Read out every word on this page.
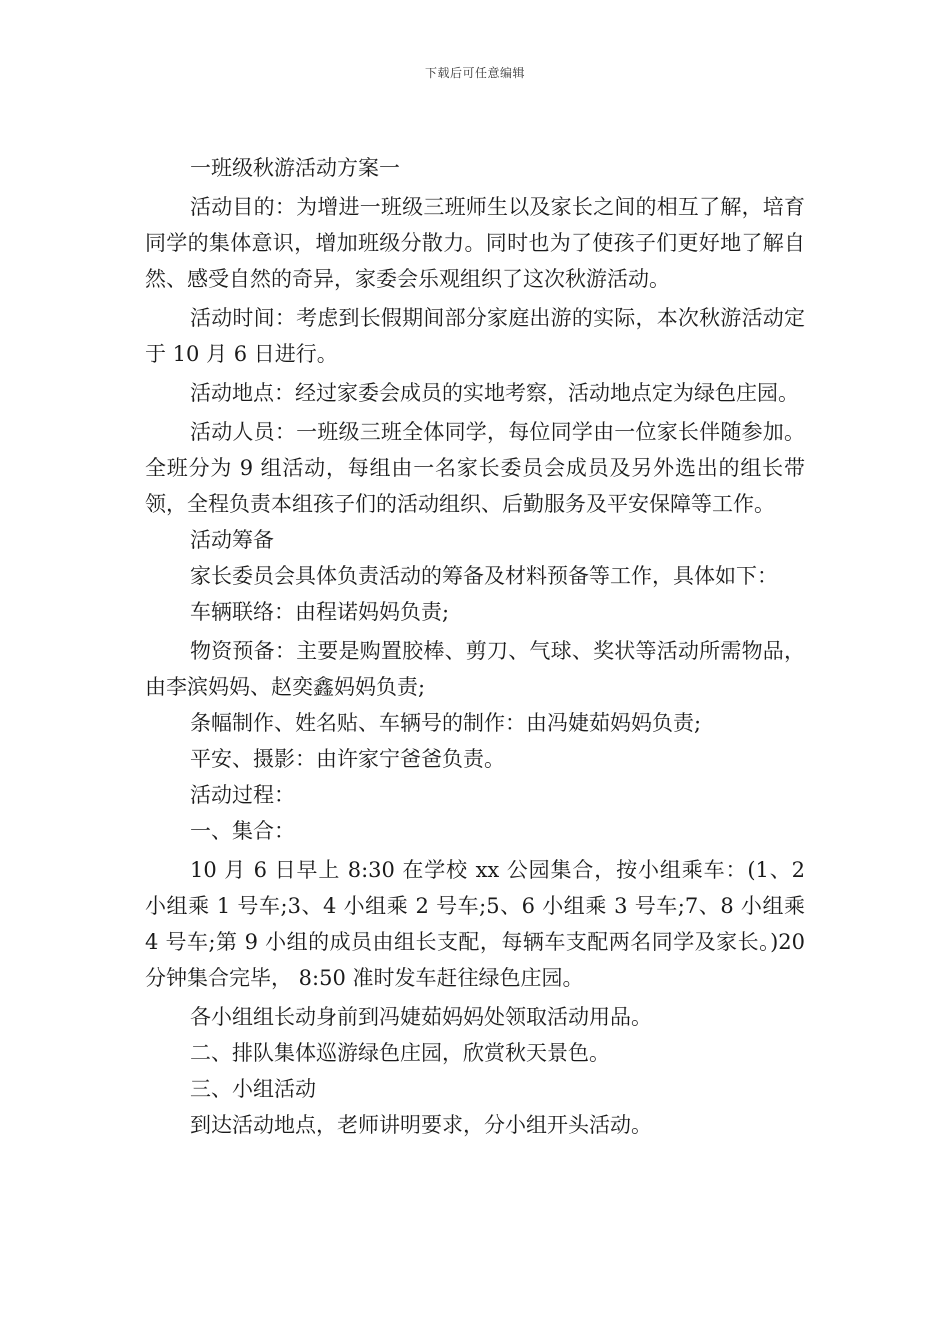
下载后可任意编辑

一班级秋游活动方案一

活动目的：为增进一班级三班师生以及家长之间的相互了解，培育同学的集体意识，增加班级分散力。同时也为了使孩子们更好地了解自然、感受自然的奇异，家委会乐观组织了这次秋游活动。

活动时间：考虑到长假期间部分家庭出游的实际，本次秋游活动定于 10 月 6 日进行。

活动地点：经过家委会成员的实地考察，活动地点定为绿色庄园。

活动人员：一班级三班全体同学，每位同学由一位家长伴随参加。全班分为 9 组活动，每组由一名家长委员会成员及另外选出的组长带领，全程负责本组孩子们的活动组织、后勤服务及平安保障等工作。

活动筹备

家长委员会具体负责活动的筹备及材料预备等工作，具体如下：

车辆联络：由程诺妈妈负责;

物资预备：主要是购置胶棒、剪刀、气球、奖状等活动所需物品，由李滨妈妈、赵奕鑫妈妈负责;

条幅制作、姓名贴、车辆号的制作：由冯婕茹妈妈负责;

平安、摄影：由许家宁爸爸负责。

活动过程：

一、集合：

10 月 6 日早上 8:30 在学校 xx 公园集合，按小组乘车：(1、2 小组乘 1 号车;3、4 小组乘 2 号车;5、6 小组乘 3 号车;7、8 小组乘 4 号车;第 9 小组的成员由组长支配，每辆车支配两名同学及家长。)20 分钟集合完毕， 8:50 准时发车赶往绿色庄园。

各小组组长动身前到冯婕茹妈妈处领取活动用品。

二、排队集体巡游绿色庄园，欣赏秋天景色。

三、小组活动

到达活动地点，老师讲明要求，分小组开头活动。
